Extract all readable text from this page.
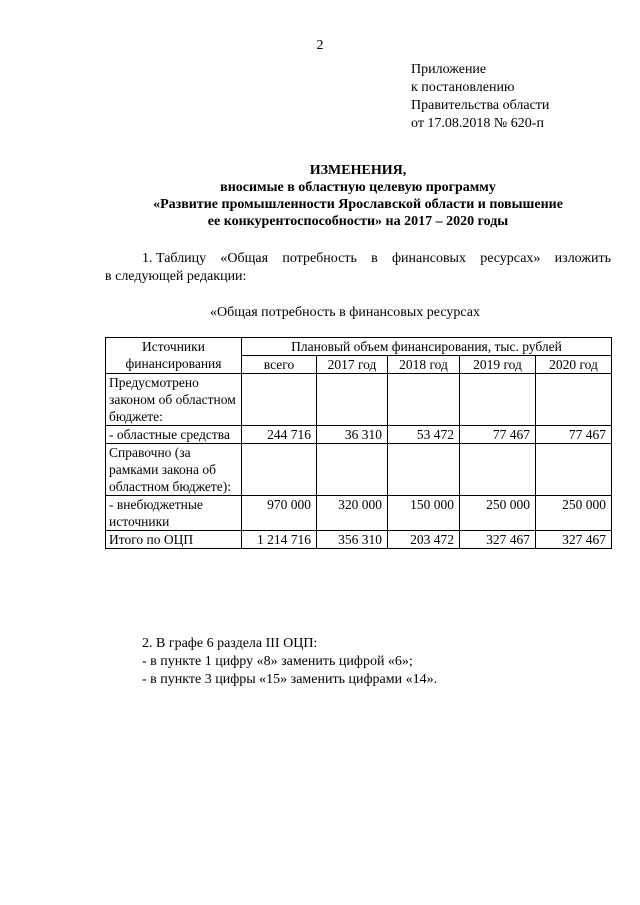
2
Приложение
к постановлению
Правительства области
от 17.08.2018 № 620-п
ИЗМЕНЕНИЯ,
вносимые в областную целевую программу
«Развитие промышленности Ярославской области и повышение
ее конкурентоспособности» на 2017 – 2020 годы
1. Таблицу «Общая потребность в финансовых ресурсах» изложить
в следующей редакции:
«Общая потребность в финансовых ресурсах
Источники финансирования	Плановый объем финансирования, тыс. рублей				
	всего	2017 год	2018 год	2019 год	2020 год
Предусмотрено законом об областном бюджете:					
- областные средства	244 716	36 310	53 472	77 467	77 467
Справочно (за рамками закона об областном бюджете):					
- внебюджетные источники	970 000	320 000	150 000	250 000	250 000
Итого по ОЦП	1 214 716	356 310	203 472	327 467	327 467
2. В графе 6 раздела III ОЦП:
- в пункте 1 цифру «8» заменить цифрой «6»;
- в пункте 3 цифры «15» заменить цифрами «14».
